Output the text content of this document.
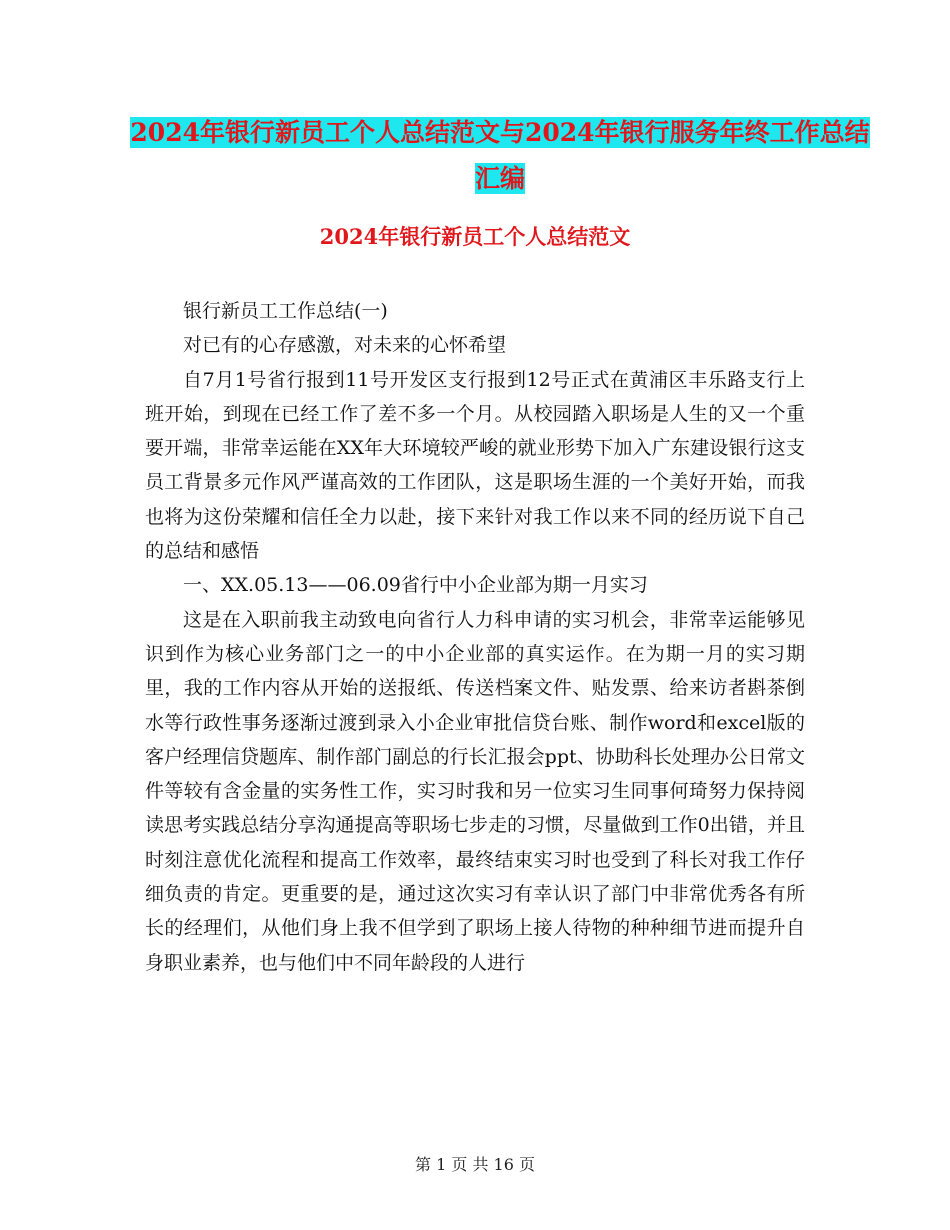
2024年银行新员工个人总结范文与2024年银行服务年终工作总结汇编
2024年银行新员工个人总结范文

银行新员工工作总结(一)

对已有的心存感激，对未来的心怀希望

自7月1号省行报到11号开发区支行报到12号正式在黄浦区丰乐路支行上班开始，到现在已经工作了差不多一个月。从校园踏入职场是人生的又一个重要开端，非常幸运能在XX年大环境较严峻的就业形势下加入广东建设银行这支员工背景多元作风严谨高效的工作团队，这是职场生涯的一个美好开始，而我也将为这份荣耀和信任全力以赴，接下来针对我工作以来不同的经历说下自己的总结和感悟

一、XX.05.13——06.09省行中小企业部为期一月实习

这是在入职前我主动致电向省行人力科申请的实习机会，非常幸运能够见识到作为核心业务部门之一的中小企业部的真实运作。在为期一月的实习期里，我的工作内容从开始的送报纸、传送档案文件、贴发票、给来访者斟茶倒水等行政性事务逐渐过渡到录入小企业审批信贷台账、制作word和excel版的客户经理信贷题库、制作部门副总的行长汇报会ppt、协助科长处理办公日常文件等较有含金量的实务性工作，实习时我和另一位实习生同事何琦努力保持阅读思考实践总结分享沟通提高等职场七步走的习惯，尽量做到工作0出错，并且时刻注意优化流程和提高工作效率，最终结束实习时也受到了科长对我工作仔细负责的肯定。更重要的是，通过这次实习有幸认识了部门中非常优秀各有所长的经理们，从他们身上我不但学到了职场上接人待物的种种细节进而提升自身职业素养，也与他们中不同年龄段的人进行

第 1 页 共 16 页
